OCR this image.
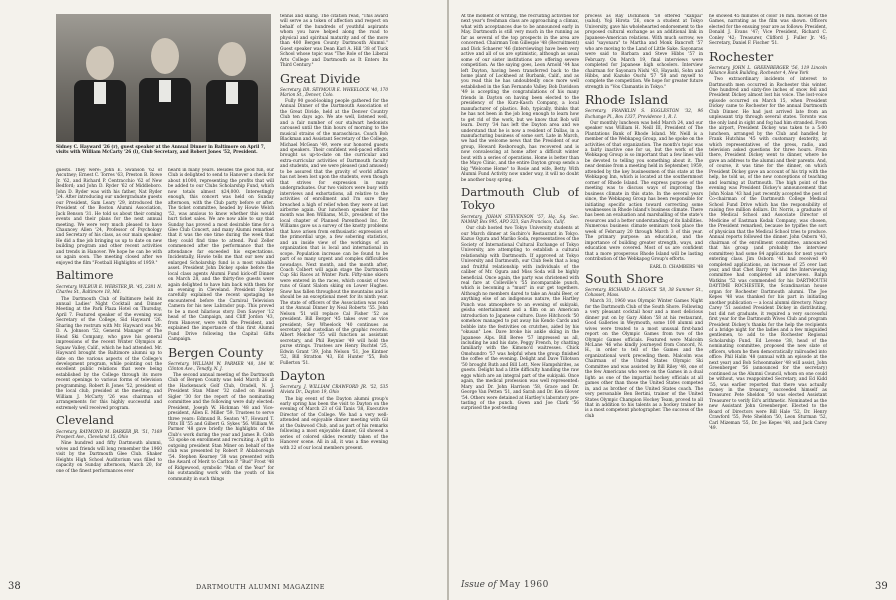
Sidney C. Hayward '26 (r), guest speaker at the Annual Dinner in Baltimore on April 7, visits with William McCarty '26 (l), Club Secretary, and Robert Jones '52, President.

guests. They were: John E. Swanson '62 of Ascutney; Ernest C. Torres '63, Preston B. Rowe Jr. '62, and Richard P. Centracchio '62 of New Bedford; and John D. Ryder '62 of Middleboro. John D. Ryder was with his father, Nat Ryder '24. After introducing our undergraduate guests our President, Sam Leary '29, introduced the President of the Boston Alumni Association, Jack Benson '31. He told us about their coming events and their plans for the next annual meeting. We were very much pleased to have Chauncey Allen '24, Professor of Psychology and Secretary of his class, as our main speaker. He did a fine job bringing us up to date on new building program and other recent activities and trends in Hanover. We hope he can be with us again soon. The meeting closed after we enjoyed the film "Football Highlights of 1959."

Baltimore
Secretary, WILBUR E. WEBSTER JR. '45, 2381 N. Charles St., Baltimore 18, Md.

The Dartmouth Club of Baltimore held its annual Ladies' Night Cocktail and Dinner Meeting at the Park Plaza Hotel on Thursday, April 7. Featured speaker of the evening was Secretary of the College, Sid Hayward '26. Sharing the rostrum with Mr. Hayward was Mr. D. A. Johnson '52, General Manager of The Head Ski Company, who gave his general impressions of the recent Winter Olympics at Squaw Valley, Calif., which he had attended. Mr. Hayward brought the Baltimore alumni up to date on the various aspects of the College's development program, while pointing out the excellent public relations that were being established by the College through its more recent openings to various forms of television programming. Robert B. Jones '52, president of the local club, presided at the meeting, and William J. McCarty '26 was chairman of arrangements for this highly successful and extremely well received program.

Cleveland
Secretary, RAYMOND M. BARKER JR. '51, 7169 Prospect Ave., Cleveland 15, Ohio

Nine hundred and fifty Dartmouth alumni, wives and friends will long remember the 1960 visit by the Dartmouth Glee Club. Shaker Heights High School Auditorium was filled to capacity on Sunday afternoon, March 20, for one of the finest performances ever

heard in many years. Besides the good fun, our Club is delighted to send to Hanover a check for about $1000, representing the profits that will be added to our Clubs Scholarship Fund, which now totals almost $24,000. Interestingly enough, this concert was held on Sunday afternoon, with the Club party before or after. The ticket committee, headed by Howie Welch '52, was anxious to know whether this would hurt ticket sales. We are now able to say that Sunday has proved a most desirable time for a Glee Club Concert, and many Alumni remarked that it was the one time during the week that they could find time to attend. Paul Zeller commenced after the performance that the attendance far exceeded his expectations. Incidentally, Howie tells me that our new and enlarged Scholarship fund is a most valuable asset. President John Dickey spoke before the local class agents Alumni Fund kick-off Dinner on March 28, and the thirty-five guests were again delighted to have him back with them for an evening in Cleveland. President Dickey carefully explained the recent upstaging he encountered before the Carnival Television Camera for his new Labrador pup. This proved to be a most hilarious story. Don Sawyer '12 head of the Campaign, and Cliff Jordon '43, from Hanover, were with the President, and explained the importance of this first Alumni Fund Drive following the Capital Gifts Campaign.

Bergen County
Secretary, WILLIAM W. PARMER '48, 184 W. Clinton Ave., Tenafly, N. J.

The second annual meeting of the Dartmouth Club of Bergen County was held March 26 at the Hackensack Golf Club, Oradell, N. J. President Stan Miner '32 called on Russell Sigler '30 for the report of the nominating committee and the following were duly elected: President, Joseph W. Hickman '48 and Vice-president, Allen E. Miller '59. Trustees to serve three years: Edmund R. Seaton '47, Howard T. Pitts III '55 and Gilbert G. Sykes '56. William W. Parmer '48 gave briefly the highlights of the Club's work during the year and James B. Cobb '53 spoke on enrollment and recruiting. A gift to outgoing president Stan Miner on behalf of the club was presented by Robert P. Ablaborough '54. Stephen Kearney '38 was presented with the Award of Merit to Carlton P. "Bud" Frost '48 of Ridgewood, symbolic "Man of the Year" for his outstanding work with the youth of his community in such things

tennis and skiing. The citation read, "This award will serve as a token of affection and respect on behalf of the hundreds of youthful aspirants whom you have helped along the road to physical and spiritual maturity and of the more than 400 Bergen County Dartmouth Alumni." Guest speaker was Dean Karl A. Hill '38 of Tuck School whose topic was "The Role of the Liberal Arts College and Dartmouth as It Enters Its Third Century."

Great Divide
Secretary, DR. SEYMOUR E. WHEELOCK '40, 170 Marion St., Denver, Colo.

Fully 90 good-looking people gathered for the Annual Dinner of the Dartmouth Association of the Great Divide, held at the Denver Country Club ten days ago. We ate well, listened well, and a fair number of our stalwart hedonists caroused until the thin hours of morning to the musical strains of the maraschicas. Coach Bob Blackman and Assistant Secretary of the College, Michael McGean '49, were our honored guests and speakers. Their confident well-paced efforts brought us up-to-date on the curricular and extra-curricular activities of Dartmouth faculty and students, and we were pleased (and amused) to be assured that the gravity of world affairs has not been lost upon the students, even though that strives for expression in many undergraduates. Our two visitors were busy with interviews and exhortations, all relative to the activities of enrollment and I'm sure they breached a high of relief when they were at last airborne again. Our luncheon speaker for the month was Ben Williams, M.D., president of the local chapter of Planned Parenthood Inc. Dr. Williams gave us a survey of the knotty problems that have arisen from enthusiastic expression of the primordial urge, a few sobering statistics, and an inside view of the workings of an organization that is local and international in scope. Population increase can be found to be part of so many urgent and complex difficulties nowadays. Next month, and the month after, Coach Colbert will again stage the Dartmouth Cup Ski Races at Winter Park. Fifty-nine skiers were entered in the races, which consist of two runs of Giant Slalom skiing on Lower Hughes. Snow has fallen throughout the mountains and is should be an exceptional meet for its ninth year. The state of officers of the Association was read at the Annual Dinner by Neal Roberts '55. John Nelson '51 will replace Cal Fisher '52 as president. Bill Berger '45 takes over as vice president; Sey Wheelock '40 continues as secretary and custodian of the graphic records. Albert Melcher '55 will function as assistant secretary, and Phil Reynier '49 will hold the purse strings. Trustees are Henry Buchtel '25, Edwin Grant '39, John Nelson '51, Joe Kintner '52, Bill Stratton '43, Ed Hunter '55, Bob Fullerton '51.

Dayton
Secretary, J. WILLIAM CRAWFORD JR. '52, 535 Alvista Dr., Dayton 19, Ohio

The big event of the Dayton alumni group's early spring has been the visit to Dayton on the evening of March 23 of Gil Tanis '38, Executive Director of the College. We had a very well-attended and enjoyable dinner meeting with Gil at the Oakwood Club, and as part of his remarks following a most enjoyable dinner, Gil showed a series of colored slides recently taken of the Hanover scene. All in all, it was a fine evening with 22 of our local members present.

38	DARTMOUTH ALUMNI MAGAZINE

At the moment of writing, the recruiting activities for next year's freshman class are approaching a climax, what with acceptances due to be announced early in May. Dartmouth is still very much in the running as far as several of the top prospects in the area are concerned. Chairman Tom Gillespie '48 (Recruitment) and Dick Schaerer '46 (Interviewing) have been very active and all of us are optimistic, although as usual some of our sister institutions are offering severe competition. As the saying goes, Leon Arnold '44 has left Dayton, having been transferred back to the home plant of Lockheed at Burbank, Calif., and as you read this he has undoubtedly once more well established in the San Fernando Valley. Bob Davidson '49 is accepting the congratulations of his many friends in Dayton on having been elected to the presidency of the Kurz-Kasch Company, a local manufacturer of plastics. Bob, typically, thinks that he has not been in the job long enough to learn how to get rid of the work, but we know that Bob will learn. Dorry '34 has left the Dayton area and we understand that he is now a resident of Dallas, in a manufacturing business of some sort. Late in March, we had the welcome news that the President of our group, Howard Rosborough, has recovered and is now convalescing at home after a difficult winter bout with a series of operations. Home is better than the Mayo Clinic, and the entire Dayton group sends a big "Welcome Home" to Rosie and wife, Betty. With Alumni Fund Activity now under way, it will no doubt be another busy spring.

Dartmouth Club of Tokyo
Secretary, JOHAN STEVENSON '57, Hq. Sq. Sec. NAMAP, Box 995, APO 323, San Francisco, Calif.

Our club hosted two Tokyo University students at our March dinner at Suchiro's Restaurant in Tokyo. Kazuo Ogura and Mariko Soda, representatives of the Society of International Cultural Exchange of Tokyo University, are attempting to establish a cultural relationship with Dartmouth. If approved at Tokyo University and Dartmouth, our Club feels that a long and fruitful relationship with individuals of the caliber of Mr. Ogura and Miss Soda will be highly beneficial. Once again, the party was christened with real fare at Colleville's '55 incomparable punch, which is becoming a "must" in our get togethers. Although no members dared to take an Asahi Beer, or anything else of an indigenous nature, the Hartley Punch was atmosphere to an evening of sukiyaki, geisha entertainment and a film on an American introduction to Japanese culture. Dave Hitchcock '50 somehow managed to put away his Kendo Cards and bobble into the festivities on crutches, aided by his "okusan" Lee. Dave broke his ankle skiing in the Japanese Alps. Bill Beree '57 impressed us all, including he and his date, Peggy French, by chatting familiarly with the Kimono'd waitresses. Chick Omohundro '57 was helpful when the group finished the coffee of the evening. Delight and Dave Tillotson '50 brought Ruth and Bill Lott, New Hampshirites, as guests. Delight had a little difficulty handling the raw eggs which are an integral part of the sukiyaki. Once again, the medical profession was well represented: Mary and Dr. John Harrison '58, Grace and Dr. George Van Petten '51, and Sarah and Dr. Ken Glover '54. Others were detained at Hartley's laboratory pre-tasting of the punch. Gwen and Joe Clark '56 surprised the post-testing

process as Ray Dickinson '58 offered "kanpai" (salud). Yoji Hirota '26, once a student at Tokyo University, gave his wholehearted endorsement to the proposed cultural exchange as an additional link in Japanese-American relations. With much sorrow, we said "sayonara" to Martha and Monk Bancroft '57 who are moving to the Land of Little Sake. Sayonaras were said to Barbara and Steve Hibbs '57 in February. On March 19, final interviews were completed for Japanese high schoolers. Interview chairman for Sayonara Nishi '43, Hayashi, Sohn and Hibbs, and Kazuko Ouchi '57 '58 and myself to complete the competition. We hope for greater future strength in "Vox Clamantis in Tokyo."

Rhode Island
Secretary, FRANKLIN S. EGGLESTON '32, 96 Exchange Pl., Box 1337, Providence 1, R. I.

Our monthly luncheon was held March 24, and our speaker was William H. Neill III, President of The Plantations Bank of Rhode Island. Mr. Neill is a member of the Webkapog Group, and he spoke on the activities of that organization. The month's topic was a fairly inactive one for us, but the work of the Webkapog Group is so important that a few lines will be devoted to telling you something about it. The near demise from a meeting held in September, 1959, attended by the key businessmen of this state at the Webkapog Inn, which is located at the southernmost corner of Rhode Island. The express purpose of the meeting was to discuss ways of improving the business climate in this state. In the several years since, the Webkapog Group has been responsible for initiating specific action toward correcting some weaknesses in Rhode Island's business climate. There has been an evaluation and marshalling of the state's resources and a better understanding of its liabilities. Numerous business climate seminars took place the week of February 20 through March 3 of this year. The primary purpose: an education, and the importance of building greater strength, ways, and education were covered. Most of us are confident that a more prosperous Rhode Island will be lasting contribution of the Webkapog Group's efforts.

EARL D. CHAMBERS '48
South Shore
Secretary, RICHARD A. LEGACE '58, 38 Summer St., Cohasset, Mass.

March 31, 1960 was Olympic Winter Games Night for the Dartmouth Club of the South Shore. Following a very pleasant cocktail hour and a most delicious dinner put on by Gary Aldon '58 at his restaurant, Good Galleries in Weymouth, some 100 alumni and wives were treated to a most unusual first-hand report on the Olympic Games from two of the Olympic Games officials. Featured were Malcolm McLane '46 who kindly journeyed from Concord, N. H., in order to tell of the Games and the organizational work preceding them. Malcolm was Chairman of the United States Olympic Ski Committee and was assisted by Bill Riley '48, one of the few Americans who were on the Games in a dual light: as one of the impartial hockey officials at all games other than those the United States competed in, and as brother of the United States coach. The very personable Ben Bertini, trainer of the United States Olympic Champion Hockey Team, proved to all that in addition to his talents as a hockey trainer he is a most competent photographer. The success of the club

he showed 45 minutes of color 16 mm. movies of the Games, narrating as the film was shown. Officers elected for the ensuing year are as follows: President, Donald J. Evans '47; Vice President, Richard C. Conley '42; Treasurer, Clifford J. Fuller Jr. '45; Secretary, Daniel F. Fischer '51.

Rochester
Secretary, JOHN L. GREENBERGER '56, 119 Lincoln Alliance Bank Building, Rochester 4, New York

Two extraordinary incidents of interest to Dartmouth men occurred in Rochester this winter. One hundred and sixty-five inches of snow fell and President Dickey almost lost his voice. The lost-voice episode occurred on March 15, when President Dickey came to Rochester for the annual Dartmouth Club Dinner. He had just arrived late from an unpleasant trip through several states. Toronto was the only land in sight and fog had him stranded. From the airport, President Dickey was taken to a 5:00 luncheon, arranged by the Club and handled by Frank Hutchins '45 with customary dexterity, at which representatives of the press, radio, and television asked questions for three hours. From there, President Dickey went to dinner, where he gave an address to the alumni and their parents. And, of course, it was time for the dinner, on which President Dickey gave an account of his trip with the help, he told us, of the new conceptions of teaching and learning at Dartmouth. The high point of the evening was President Dickey's announcement that John Nolan '43 had just recently accepted the post of Co-chairman of the Dartmouth College Medical School Fund Drive which has the responsibility of raising five million dollars. Dr. Norris, a graduate of the Medical School and Associate Director of Medicine of Eastman Kodak Company, was chosen, the President remarked, because he typifies the sort of physician that the Medical School tries to produce. Annual reports followed the dinner. John Osborn '43, chairman of the enrollment committee, announced that his group (and probably the interview committee) had some 84 applications for next year's entering class. Jim Osborn '41 had received 40 completed applications, an increase of 25 over last year, and that Chet Barry '44 and the Interviewing committee had completed all interviews. Ralph Watkins '52 was commended for his DARTMOUTH DAYTIME ROCHESTER, the Scandinavian house organ for Rochester Dartmouth alumni. The Joe Kepes '48 was thanked for his part in initiating another publication — a local alumni directory. Nancy Carey '51 assisted President Dickey in distributing, but did not graduate, it required a very successful first year for the Dartmouth Wives Club and program President Dickey's thanks for the help the recipients of a bridge night for the ladies and a few misguided gentlemen, to add to the Rochester Regional Scholarship Fund. Ed Levene '38, head of the nominating committee, proposed the new slate of officers, whom he then democratically railroaded into office: Phil Halin '48 (annual with an episode at the next year) and Bob Schoonmaker '48 will assist, John Greenberger '56 (announced for the secretary) continued as the Alumni Council, whom on one could be without, was reappointed Secretary, and Ed Kidd '55, was earlier reported that there was actually money in the treasury, succeeded himself as Treasurer. Pete Sheldon '50 was elected Assistant Treasurer to verify Ed's arithmetic. Nominated as the new Assistant John Greenberger. Elected to the Board of Directors were Bill Hale '52, Dr. Henry Crawford '55, Pete Sheldon '50, Leon Sturman '52, Carl Mizeman '55, Dr. Joe Kepes '48, and Jack Carey '49.

Issue of May 1960	39
